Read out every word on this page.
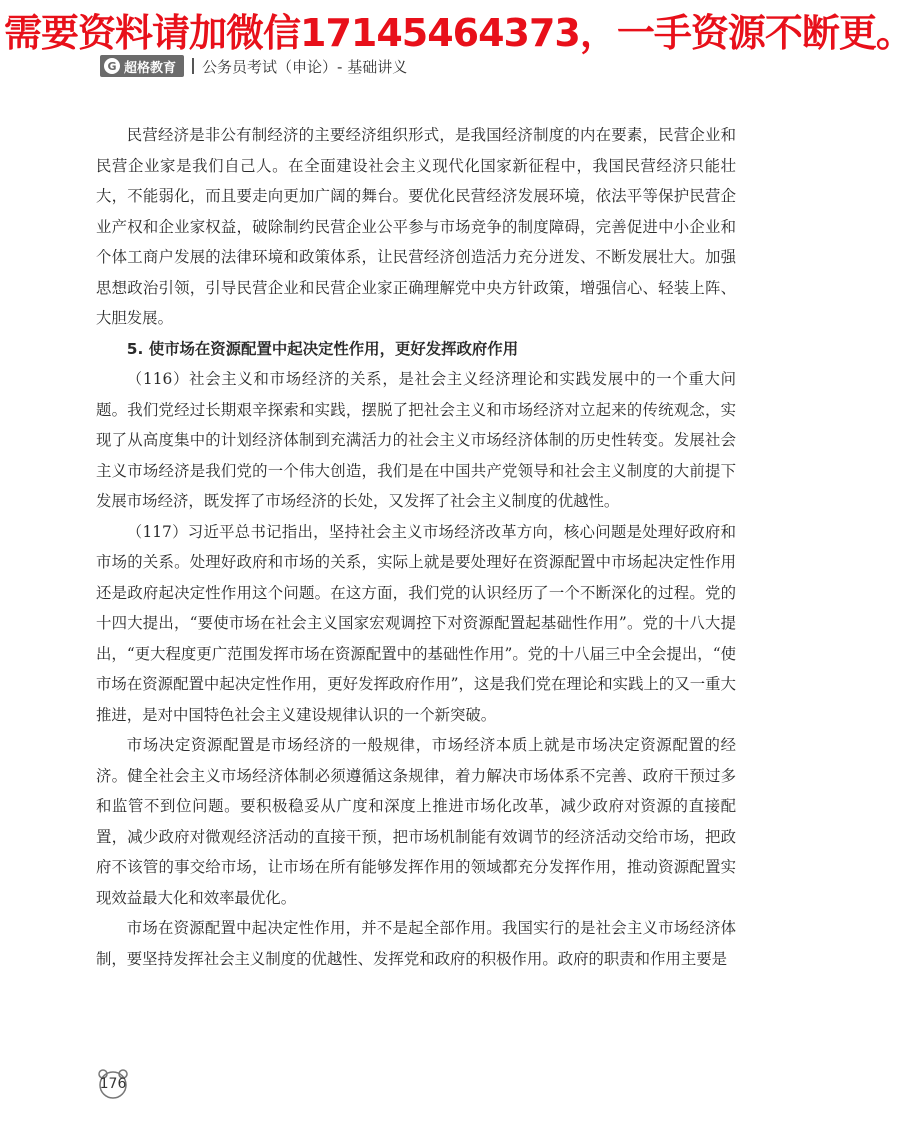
需要资料请加微信17145464373，一手资源不断更。
G 超格教育 公务员考试（申论）- 基础讲义

民营经济是非公有制经济的主要经济组织形式，是我国经济制度的内在要素，民营企业和民营企业家是我们自己人。在全面建设社会主义现代化国家新征程中，我国民营经济只能壮大，不能弱化，而且要走向更加广阔的舞台。要优化民营经济发展环境，依法平等保护民营企业产权和企业家权益，破除制约民营企业公平参与市场竞争的制度障碍，完善促进中小企业和个体工商户发展的法律环境和政策体系，让民营经济创造活力充分迸发、不断发展壮大。加强思想政治引领，引导民营企业和民营企业家正确理解党中央方针政策，增强信心、轻装上阵、大胆发展。

5. 使市场在资源配置中起决定性作用，更好发挥政府作用

（116）社会主义和市场经济的关系，是社会主义经济理论和实践发展中的一个重大问题。我们党经过长期艰辛探索和实践，摆脱了把社会主义和市场经济对立起来的传统观念，实现了从高度集中的计划经济体制到充满活力的社会主义市场经济体制的历史性转变。发展社会主义市场经济是我们党的一个伟大创造，我们是在中国共产党领导和社会主义制度的大前提下发展市场经济，既发挥了市场经济的长处，又发挥了社会主义制度的优越性。

（117）习近平总书记指出，坚持社会主义市场经济改革方向，核心问题是处理好政府和市场的关系。处理好政府和市场的关系，实际上就是要处理好在资源配置中市场起决定性作用还是政府起决定性作用这个问题。在这方面，我们党的认识经历了一个不断深化的过程。党的十四大提出，“要使市场在社会主义国家宏观调控下对资源配置起基础性作用”。党的十八大提出，“更大程度更广范围发挥市场在资源配置中的基础性作用”。党的十八届三中全会提出，“使市场在资源配置中起决定性作用，更好发挥政府作用”，这是我们党在理论和实践上的又一重大推进，是对中国特色社会主义建设规律认识的一个新突破。

市场决定资源配置是市场经济的一般规律，市场经济本质上就是市场决定资源配置的经济。健全社会主义市场经济体制必须遵循这条规律，着力解决市场体系不完善、政府干预过多和监管不到位问题。要积极稳妥从广度和深度上推进市场化改革，减少政府对资源的直接配置，减少政府对微观经济活动的直接干预，把市场机制能有效调节的经济活动交给市场，把政府不该管的事交给市场，让市场在所有能够发挥作用的领域都充分发挥作用，推动资源配置实现效益最大化和效率最优化。

市场在资源配置中起决定性作用，并不是起全部作用。我国实行的是社会主义市场经济体制，要坚持发挥社会主义制度的优越性、发挥党和政府的积极作用。政府的职责和作用主要是

176
